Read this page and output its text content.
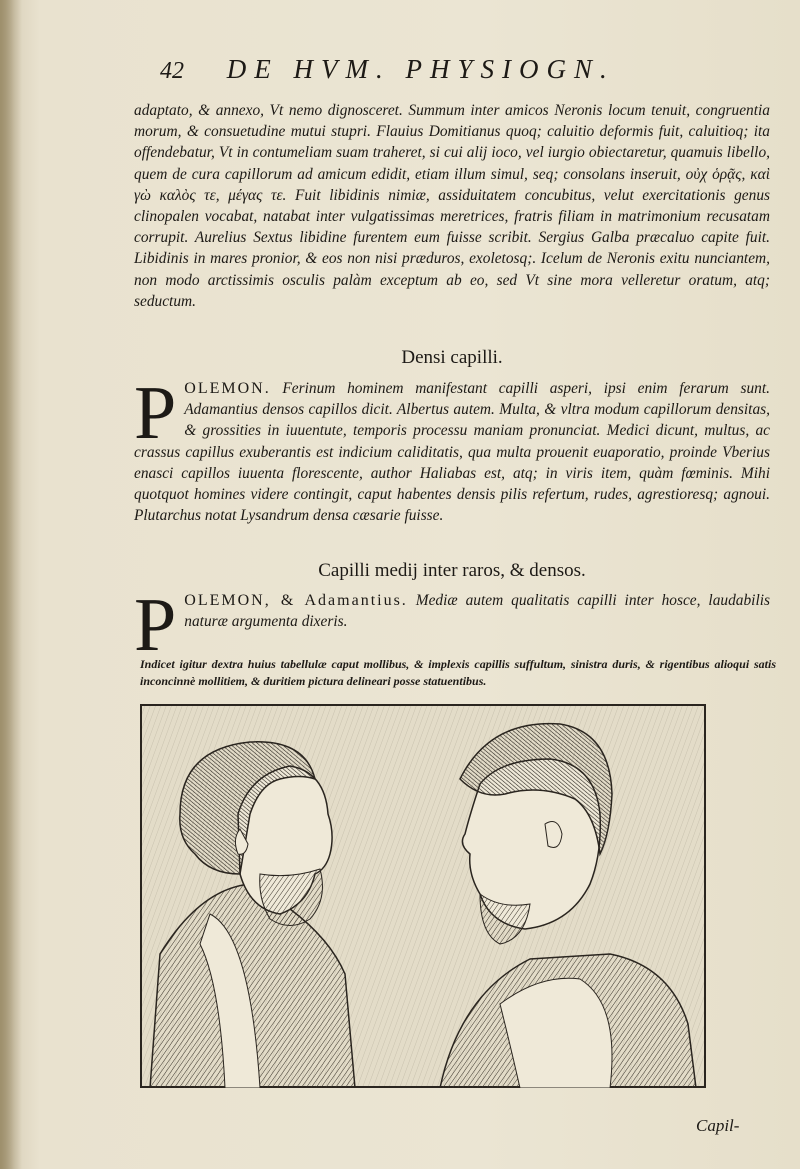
42 DE HVM. PHYSIOGN.
adaptato, & annexo, Vt nemo dignosceret. Summum inter amicos Neronis locum tenuit, congruentia morum, & consuetudine mutui stupri. Flauius Domitianus quoq; caluitio deformis fuit, caluitioq; ita offendebatur, Vt in contumeliam suam traheret, si cui alij ioco, vel iurgio obiectaretur, quamuis libello, quem de cura capillorum ad amicum edidit, etiam illum simul, seq; consolans inseruit, οὐχ ὁρᾷς, καὶ γὼ καλὸς τε, μέγας τε. Fuit libidinis nimiæ, assiduitatem concubitus, velut exercitationis genus clinopalen vocabat, natabat inter vulgatissimas meretrices, fratris filiam in matrimonium recusatam corrupit. Aurelius Sextus libidine furentem eum fuisse scribit. Sergius Galba præcaluo capite fuit. Libidinis in mares pronior, & eos non nisi præduros, exoletosq;. Icelum de Neronis exitu nunciantem, non modo arctissimis osculis palàm exceptum ab eo, sed Vt sine mora velleretur oratum, atq; seductum.
Densi capilli.
P OLEMON. Ferinum hominem manifestant capilli asperi, ipsi enim ferarum sunt. Adamantius densos capillos dicit. Albertus autem. Multa, & vltra modum capillorum densitas, & grossities in iuuentute, temporis processu maniam pronunciat. Medici dicunt, multus, ac crassus capillus exuberantis est indicium caliditatis, qua multa prouenit euaporatio, proinde Vberius enasci capillos iuuenta florescente, author Haliabas est, atq; in viris item, quàm fœminis. Mihi quotquot homines videre contingit, caput habentes densis pilis refertum, rudes, agrestioresq; agnoui. Plutarchus notat Lysandrum densa cæsarie fuisse.
Capilli medij inter raros, & densos.
P OLEMON, & Adamantius. Mediæ autem qualitatis capilli inter hosce, laudabilis naturæ argumenta dixeris.
Indicet igitur dextra huius tabellulæ caput mollibus, & implexis capillis suffultum, sinistra duris, & rigentibus alioqui satis inconcinnè mollitiem, & duritiem pictura delineari posse statuentibus.
Capil-
